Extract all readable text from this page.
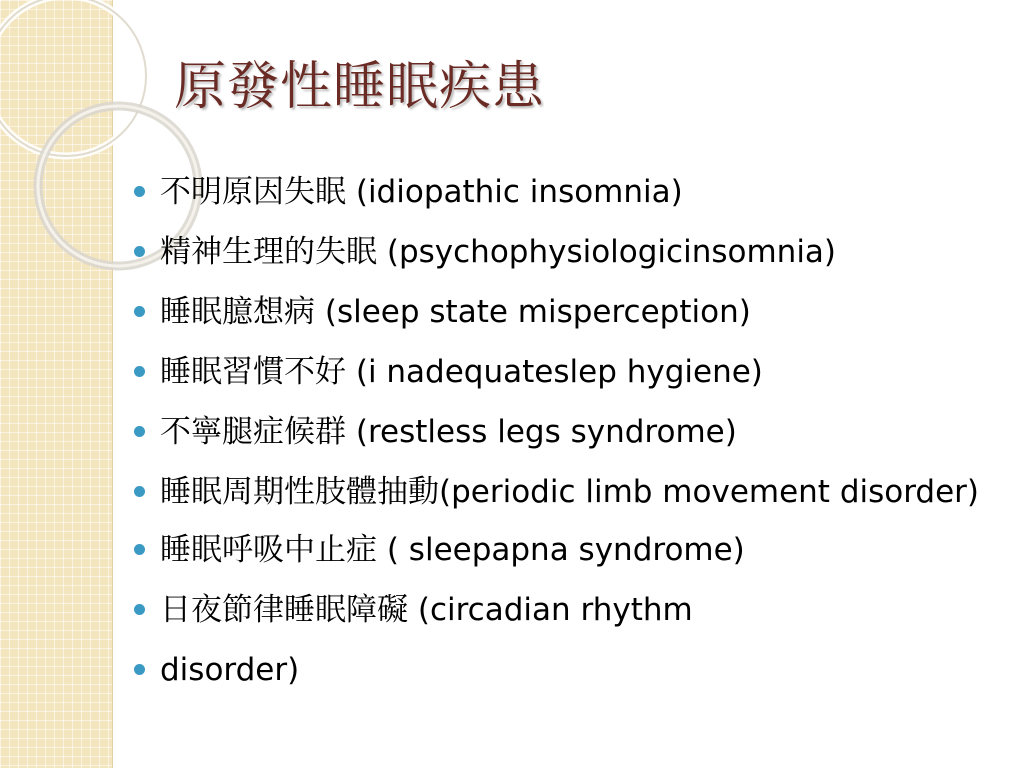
原發性睡眠疾患
不明原因失眠 (idiopathic insomnia)
精神生理的失眠 (psychophysiologicinsomnia)
睡眠臆想病 (sleep state misperception)
睡眠習慣不好 (i nadequateslep hygiene)
不寧腿症候群 (restless legs syndrome)
睡眠周期性肢體抽動(periodic limb movement disorder)
睡眠呼吸中止症 ( sleepapna syndrome)
日夜節律睡眠障礙 (circadian rhythm
disorder)
